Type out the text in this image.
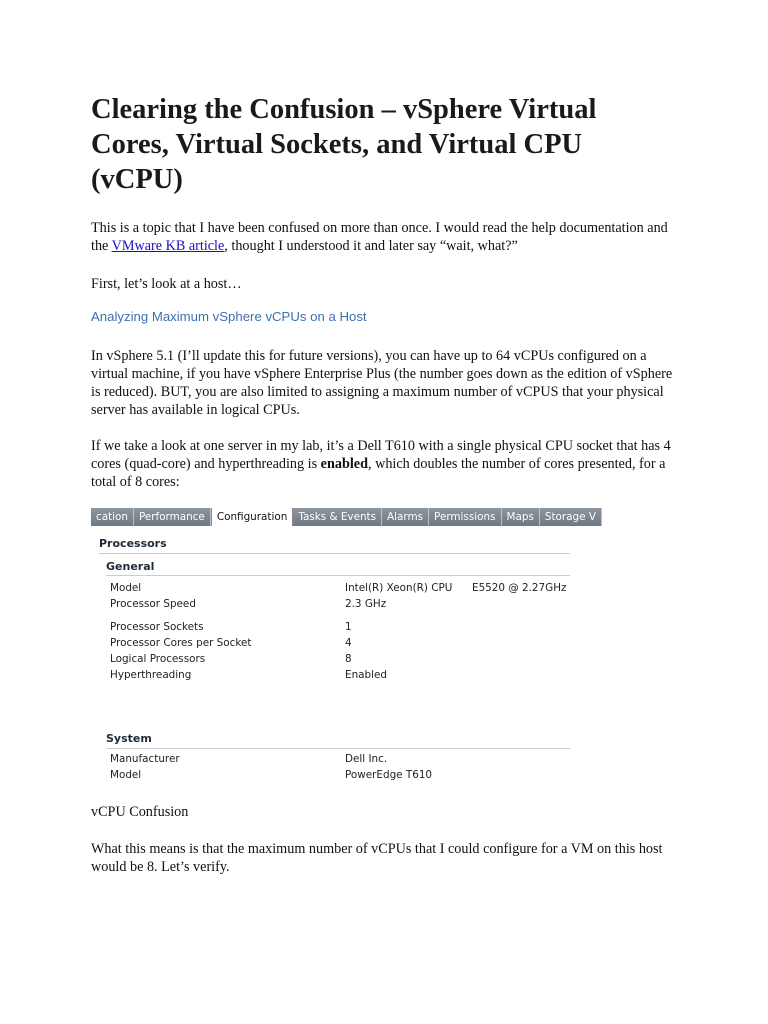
Clearing the Confusion – vSphere Virtual Cores, Virtual Sockets, and Virtual CPU (vCPU)
This is a topic that I have been confused on more than once. I would read the help documentation and the VMware KB article, thought I understood it and later say “wait, what?”
First, let’s look at a host…
Analyzing Maximum vSphere vCPUs on a Host
In vSphere 5.1 (I’ll update this for future versions), you can have up to 64 vCPUs configured on a virtual machine, if you have vSphere Enterprise Plus (the number goes down as the edition of vSphere is reduced). BUT, you are also limited to assigning a maximum number of vCPUS that your physical server has available in logical CPUs.
If we take a look at one server in my lab, it’s a Dell T610 with a single physical CPU socket that has 4 cores (quad-core) and hyperthreading is enabled, which doubles the number of cores presented, for a total of 8 cores:
vCPU Confusion
What this means is that the maximum number of vCPUs that I could configure for a VM on this host would be 8. Let’s verify.
cation	Performance	Configuration	Tasks & Events	Alarms	Permissions	Maps	Storage V
Processors
General
Model	Intel(R) Xeon(R) CPU E5520 @ 2.27GHz
Processor Speed	2.3 GHz
Processor Sockets	1
Processor Cores per Socket	4
Logical Processors	8
Hyperthreading	Enabled
System
Manufacturer	Dell Inc.
Model	PowerEdge T610
